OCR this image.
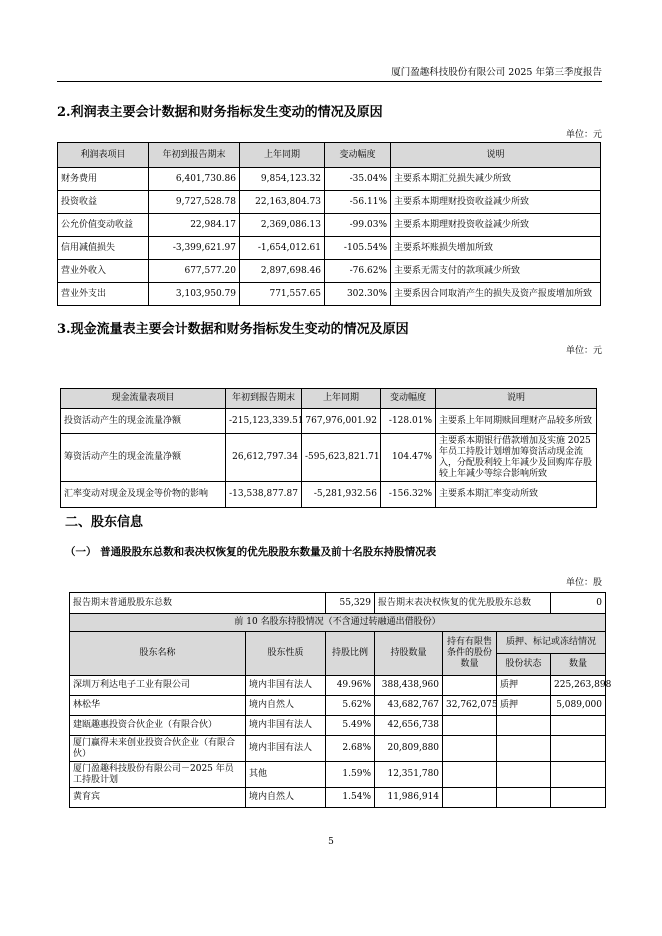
厦门盈趣科技股份有限公司 2025 年第三季度报告
2.利润表主要会计数据和财务指标发生变动的情况及原因
单位：元
利润表项目	年初到报告期末	上年同期	变动幅度	说明
财务费用	6,401,730.86	9,854,123.32	-35.04%	主要系本期汇兑损失减少所致
投资收益	9,727,528.78	22,163,804.73	-56.11%	主要系本期理财投资收益减少所致
公允价值变动收益	22,984.17	2,369,086.13	-99.03%	主要系本期理财投资收益减少所致
信用减值损失	-3,399,621.97	-1,654,012.61	-105.54%	主要系坏账损失增加所致
营业外收入	677,577.20	2,897,698.46	-76.62%	主要系无需支付的款项减少所致
营业外支出	3,103,950.79	771,557.65	302.30%	主要系因合同取消产生的损失及资产报废增加所致
3.现金流量表主要会计数据和财务指标发生变动的情况及原因
单位：元
现金流量表项目	年初到报告期末	上年同期	变动幅度	说明
投资活动产生的现金流量净额	-215,123,339.51	767,976,001.92	-128.01%	主要系上年同期赎回理财产品较多所致
筹资活动产生的现金流量净额	26,612,797.34	-595,623,821.71	104.47%	主要系本期银行借款增加及实施 2025 年员工持股计划增加筹资活动现金流入，分配股利较上年减少及回购库存股较上年减少等综合影响所致
汇率变动对现金及现金等价物的影响	-13,538,877.87	-5,281,932.56	-156.32%	主要系本期汇率变动所致
二、股东信息
（一） 普通股股东总数和表决权恢复的优先股股东数量及前十名股东持股情况表
单位：股
报告期末普通股股东总数		55,329	报告期末表决权恢复的优先股股东总数			0
前 10 名股东持股情况（不含通过转融通出借股份）						
股东名称	股东性质	持股比例	持股数量	持有有限售条件的股份数量	质押、标记或冻结情况	
					股份状态	数量
深圳万利达电子工业有限公司	境内非国有法人	49.96%	388,438,960		质押	225,263,898
林松华	境内自然人	5.62%	43,682,767	32,762,075	质押	5,089,000
建瓯趣惠投资合伙企业（有限合伙）	境内非国有法人	5.49%	42,656,738			
厦门赢得未来创业投资合伙企业（有限合伙）	境内非国有法人	2.68%	20,809,880			
厦门盈趣科技股份有限公司－2025 年员工持股计划	其他	1.59%	12,351,780			
黄育宾	境内自然人	1.54%	11,986,914			
5
